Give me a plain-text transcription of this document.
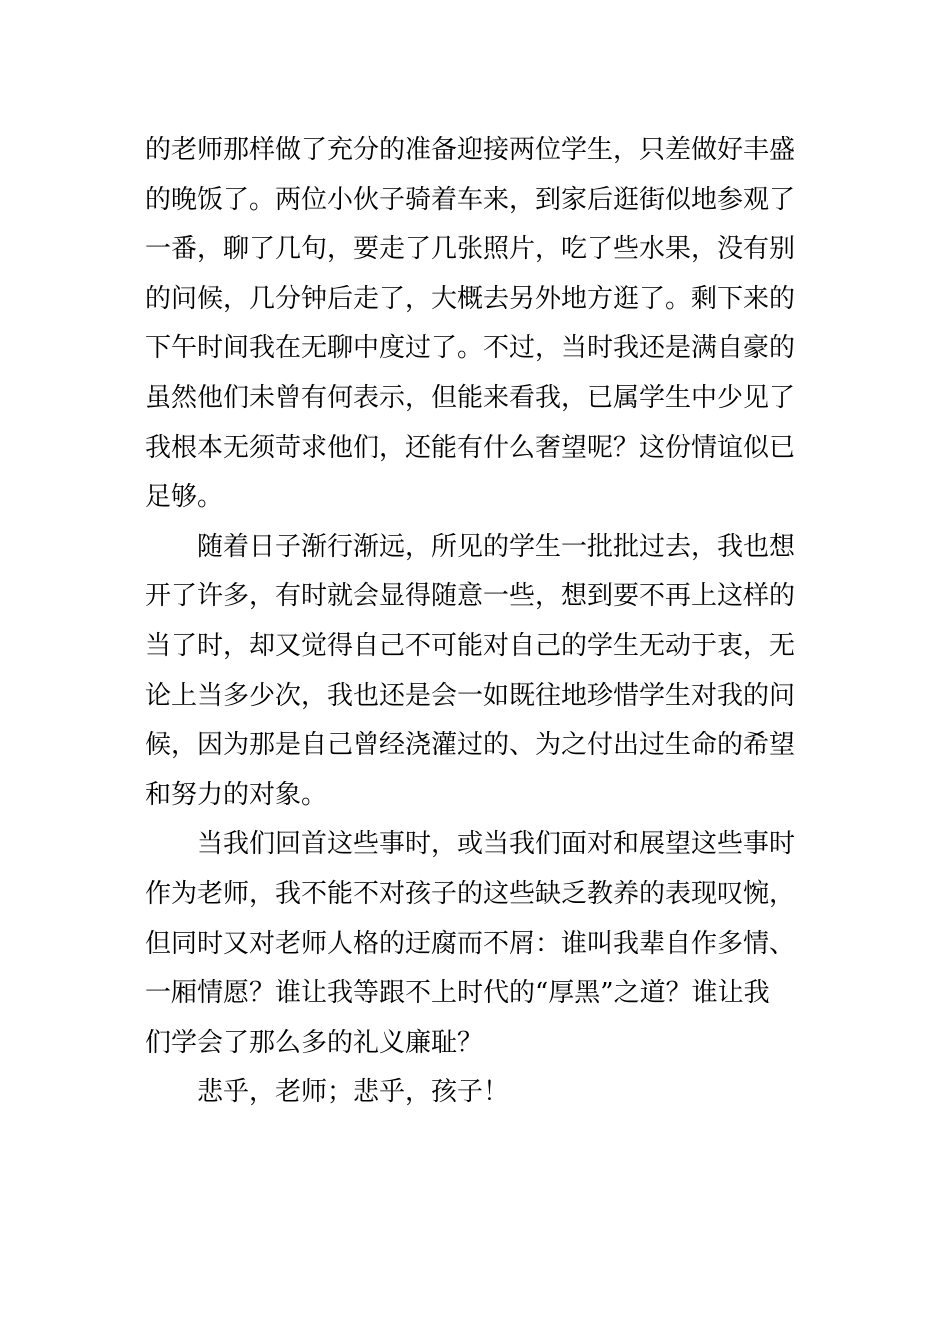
的老师那样做了充分的准备迎接两位学生，只差做好丰盛
的晚饭了。两位小伙子骑着车来，到家后逛街似地参观了
一番，聊了几句，要走了几张照片，吃了些水果，没有别
的问候，几分钟后走了，大概去另外地方逛了。剩下来的
下午时间我在无聊中度过了。不过，当时我还是满自豪的
虽然他们未曾有何表示，但能来看我，已属学生中少见了
我根本无须苛求他们，还能有什么奢望呢？这份情谊似已
足够。
随着日子渐行渐远，所见的学生一批批过去，我也想
开了许多，有时就会显得随意一些，想到要不再上这样的
当了时，却又觉得自己不可能对自己的学生无动于衷，无
论上当多少次，我也还是会一如既往地珍惜学生对我的问
候，因为那是自己曾经浇灌过的、为之付出过生命的希望
和努力的对象。
当我们回首这些事时，或当我们面对和展望这些事时
作为老师，我不能不对孩子的这些缺乏教养的表现叹惋，
但同时又对老师人格的迂腐而不屑：谁叫我辈自作多情、
一厢情愿？谁让我等跟不上时代的“厚黑”之道？谁让我
们学会了那么多的礼义廉耻？
悲乎，老师；悲乎，孩子！
